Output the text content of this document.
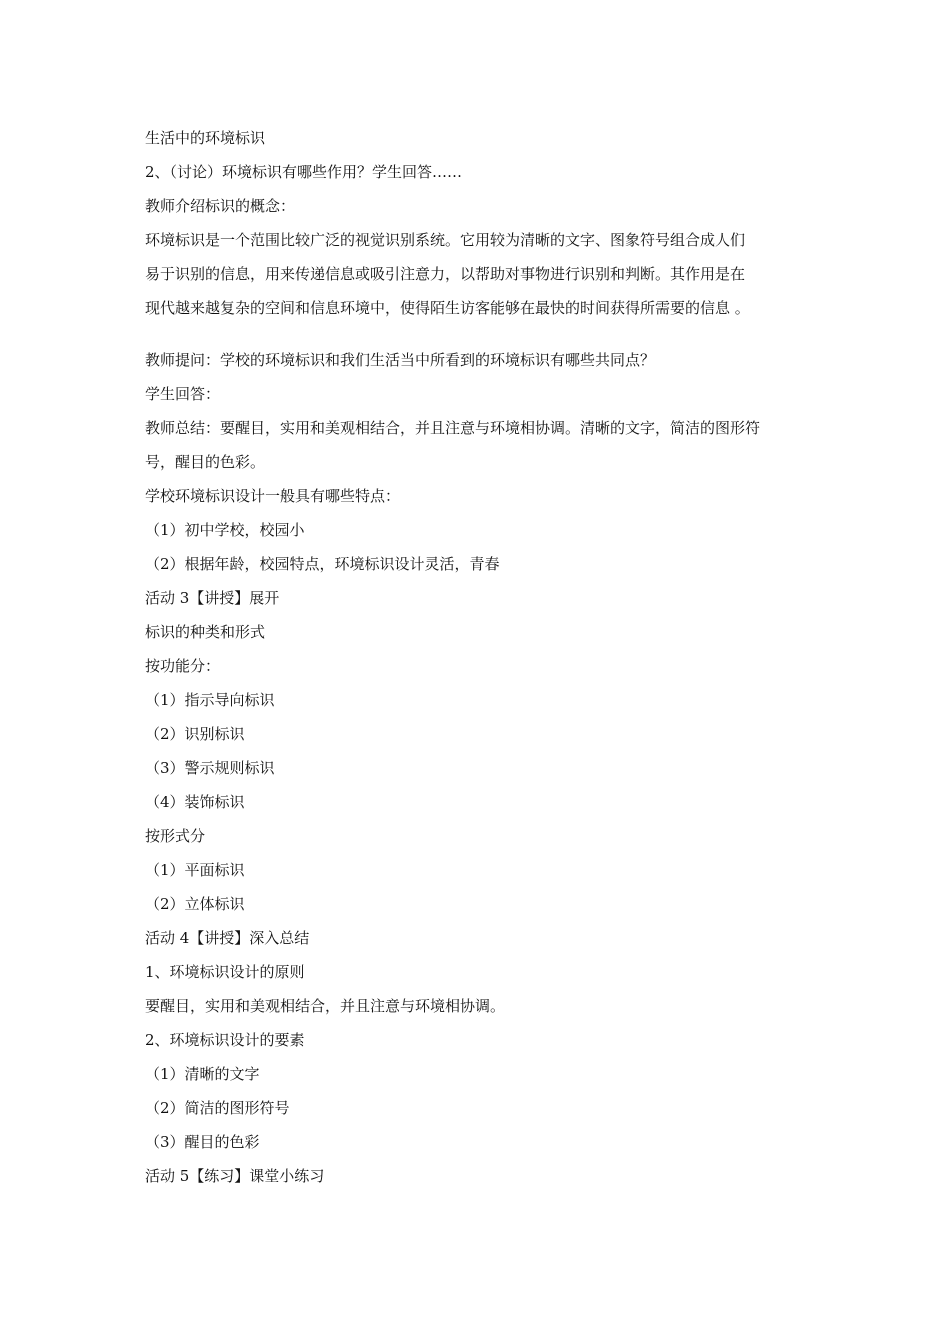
生活中的环境标识
2、（讨论）环境标识有哪些作用？学生回答……
教师介绍标识的概念：
环境标识是一个范围比较广泛的视觉识别系统。它用较为清晰的文字、图象符号组合成人们
易于识别的信息，用来传递信息或吸引注意力，以帮助对事物进行识别和判断。其作用是在
现代越来越复杂的空间和信息环境中，使得陌生访客能够在最快的时间获得所需要的信息 。
教师提问：学校的环境标识和我们生活当中所看到的环境标识有哪些共同点？
学生回答：
教师总结：要醒目，实用和美观相结合，并且注意与环境相协调。清晰的文字，简洁的图形符
号，醒目的色彩。
学校环境标识设计一般具有哪些特点：
（1）初中学校，校园小
（2）根据年龄，校园特点，环境标识设计灵活，青春
活动 3【讲授】展开
标识的种类和形式
按功能分：
（1）指示导向标识
（2）识别标识
（3）警示规则标识
（4）装饰标识
按形式分
（1）平面标识
（2）立体标识
活动 4【讲授】深入总结
1、环境标识设计的原则
要醒目，实用和美观相结合，并且注意与环境相协调。
2、环境标识设计的要素
（1）清晰的文字
（2）简洁的图形符号
（3）醒目的色彩
活动 5【练习】课堂小练习
